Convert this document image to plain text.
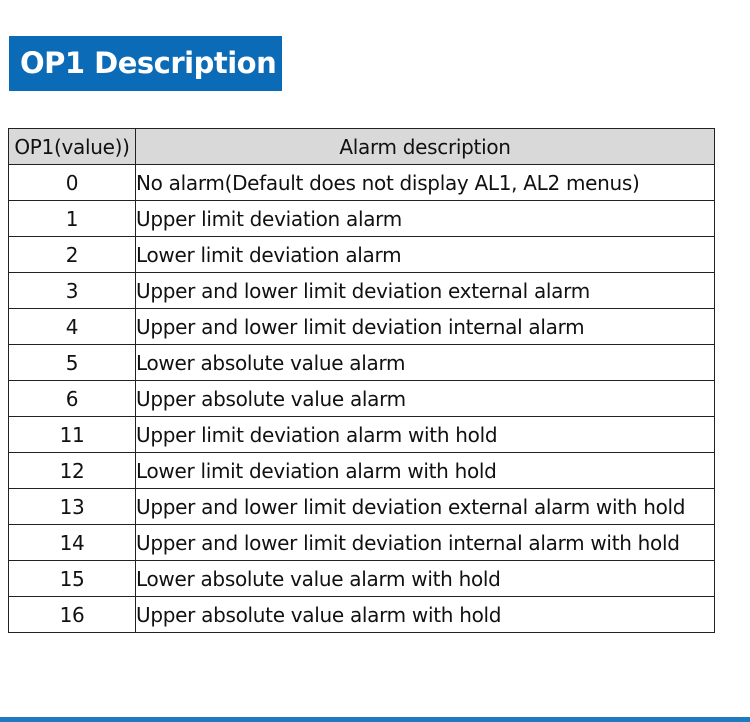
OP1 Description
OP1(value))	Alarm description
0	No alarm(Default does not display AL1, AL2 menus)
1	Upper limit deviation alarm
2	Lower limit deviation alarm
3	Upper and lower limit deviation external alarm
4	Upper and lower limit deviation internal alarm
5	Lower absolute value alarm
6	Upper absolute value alarm
11	Upper limit deviation alarm with hold
12	Lower limit deviation alarm with hold
13	Upper and lower limit deviation external alarm with hold
14	Upper and lower limit deviation internal alarm with hold
15	Lower absolute value alarm with hold
16	Upper absolute value alarm with hold
